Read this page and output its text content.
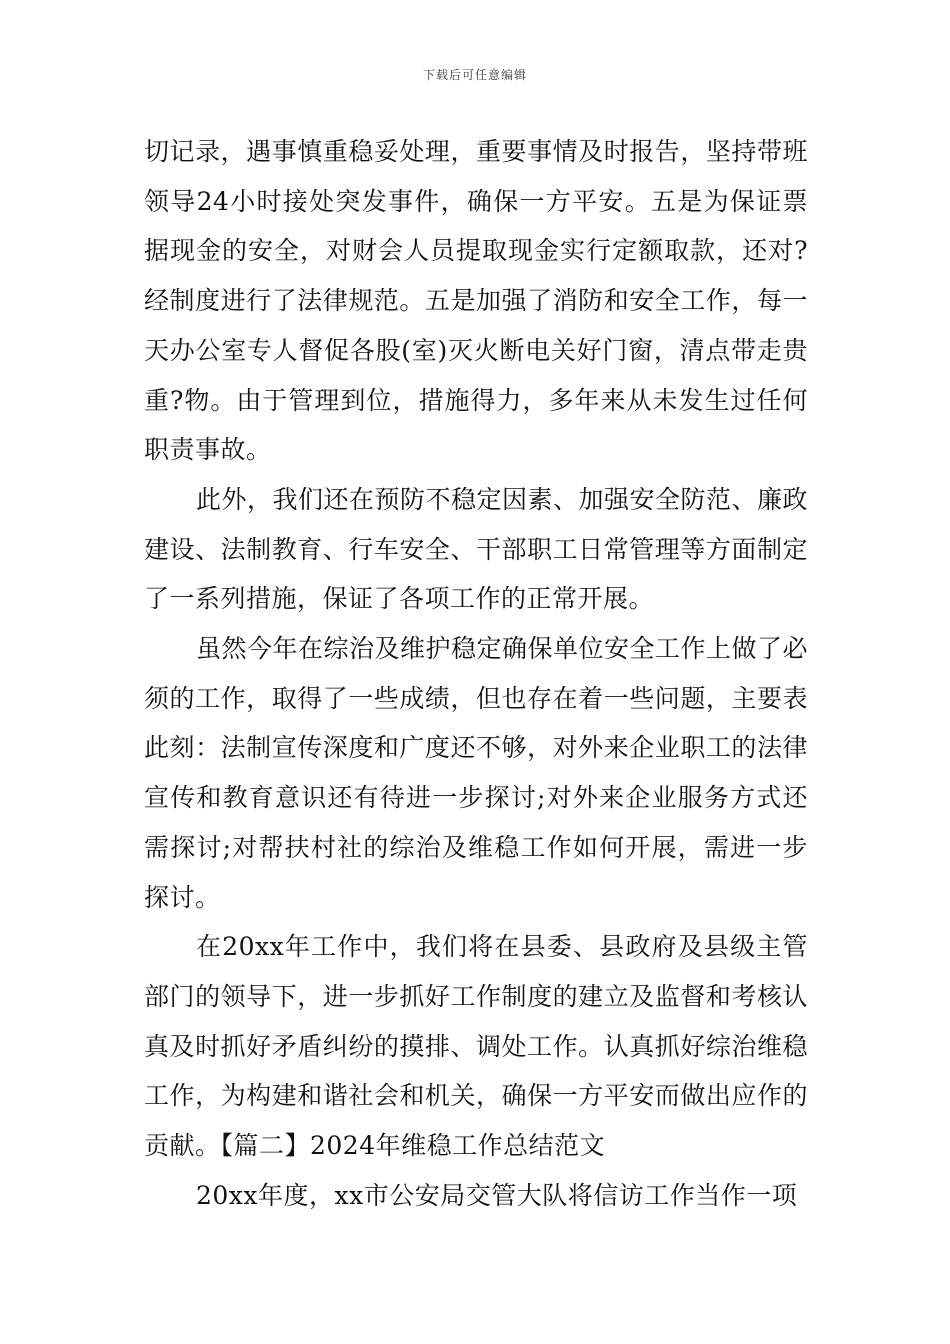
下载后可任意编辑

切记录，遇事慎重稳妥处理，重要事情及时报告，坚持带班领导24小时接处突发事件，确保一方平安。五是为保证票据现金的安全，对财会人员提取现金实行定额取款，还对?经制度进行了法律规范。五是加强了消防和安全工作，每一天办公室专人督促各股(室)灭火断电关好门窗，清点带走贵重?物。由于管理到位，措施得力，多年来从未发生过任何职责事故。

此外，我们还在预防不稳定因素、加强安全防范、廉政建设、法制教育、行车安全、干部职工日常管理等方面制定了一系列措施，保证了各项工作的正常开展。

虽然今年在综治及维护稳定确保单位安全工作上做了必须的工作，取得了一些成绩，但也存在着一些问题，主要表此刻：法制宣传深度和广度还不够，对外来企业职工的法律宣传和教育意识还有待进一步探讨;对外来企业服务方式还需探讨;对帮扶村社的综治及维稳工作如何开展，需进一步探讨。

在20xx年工作中，我们将在县委、县政府及县级主管部门的领导下，进一步抓好工作制度的建立及监督和考核认真及时抓好矛盾纠纷的摸排、调处工作。认真抓好综治维稳工作，为构建和谐社会和机关，确保一方平安而做出应作的贡献。【篇二】2024年维稳工作总结范文

20xx年度，xx市公安局交管大队将信访工作当作一项
